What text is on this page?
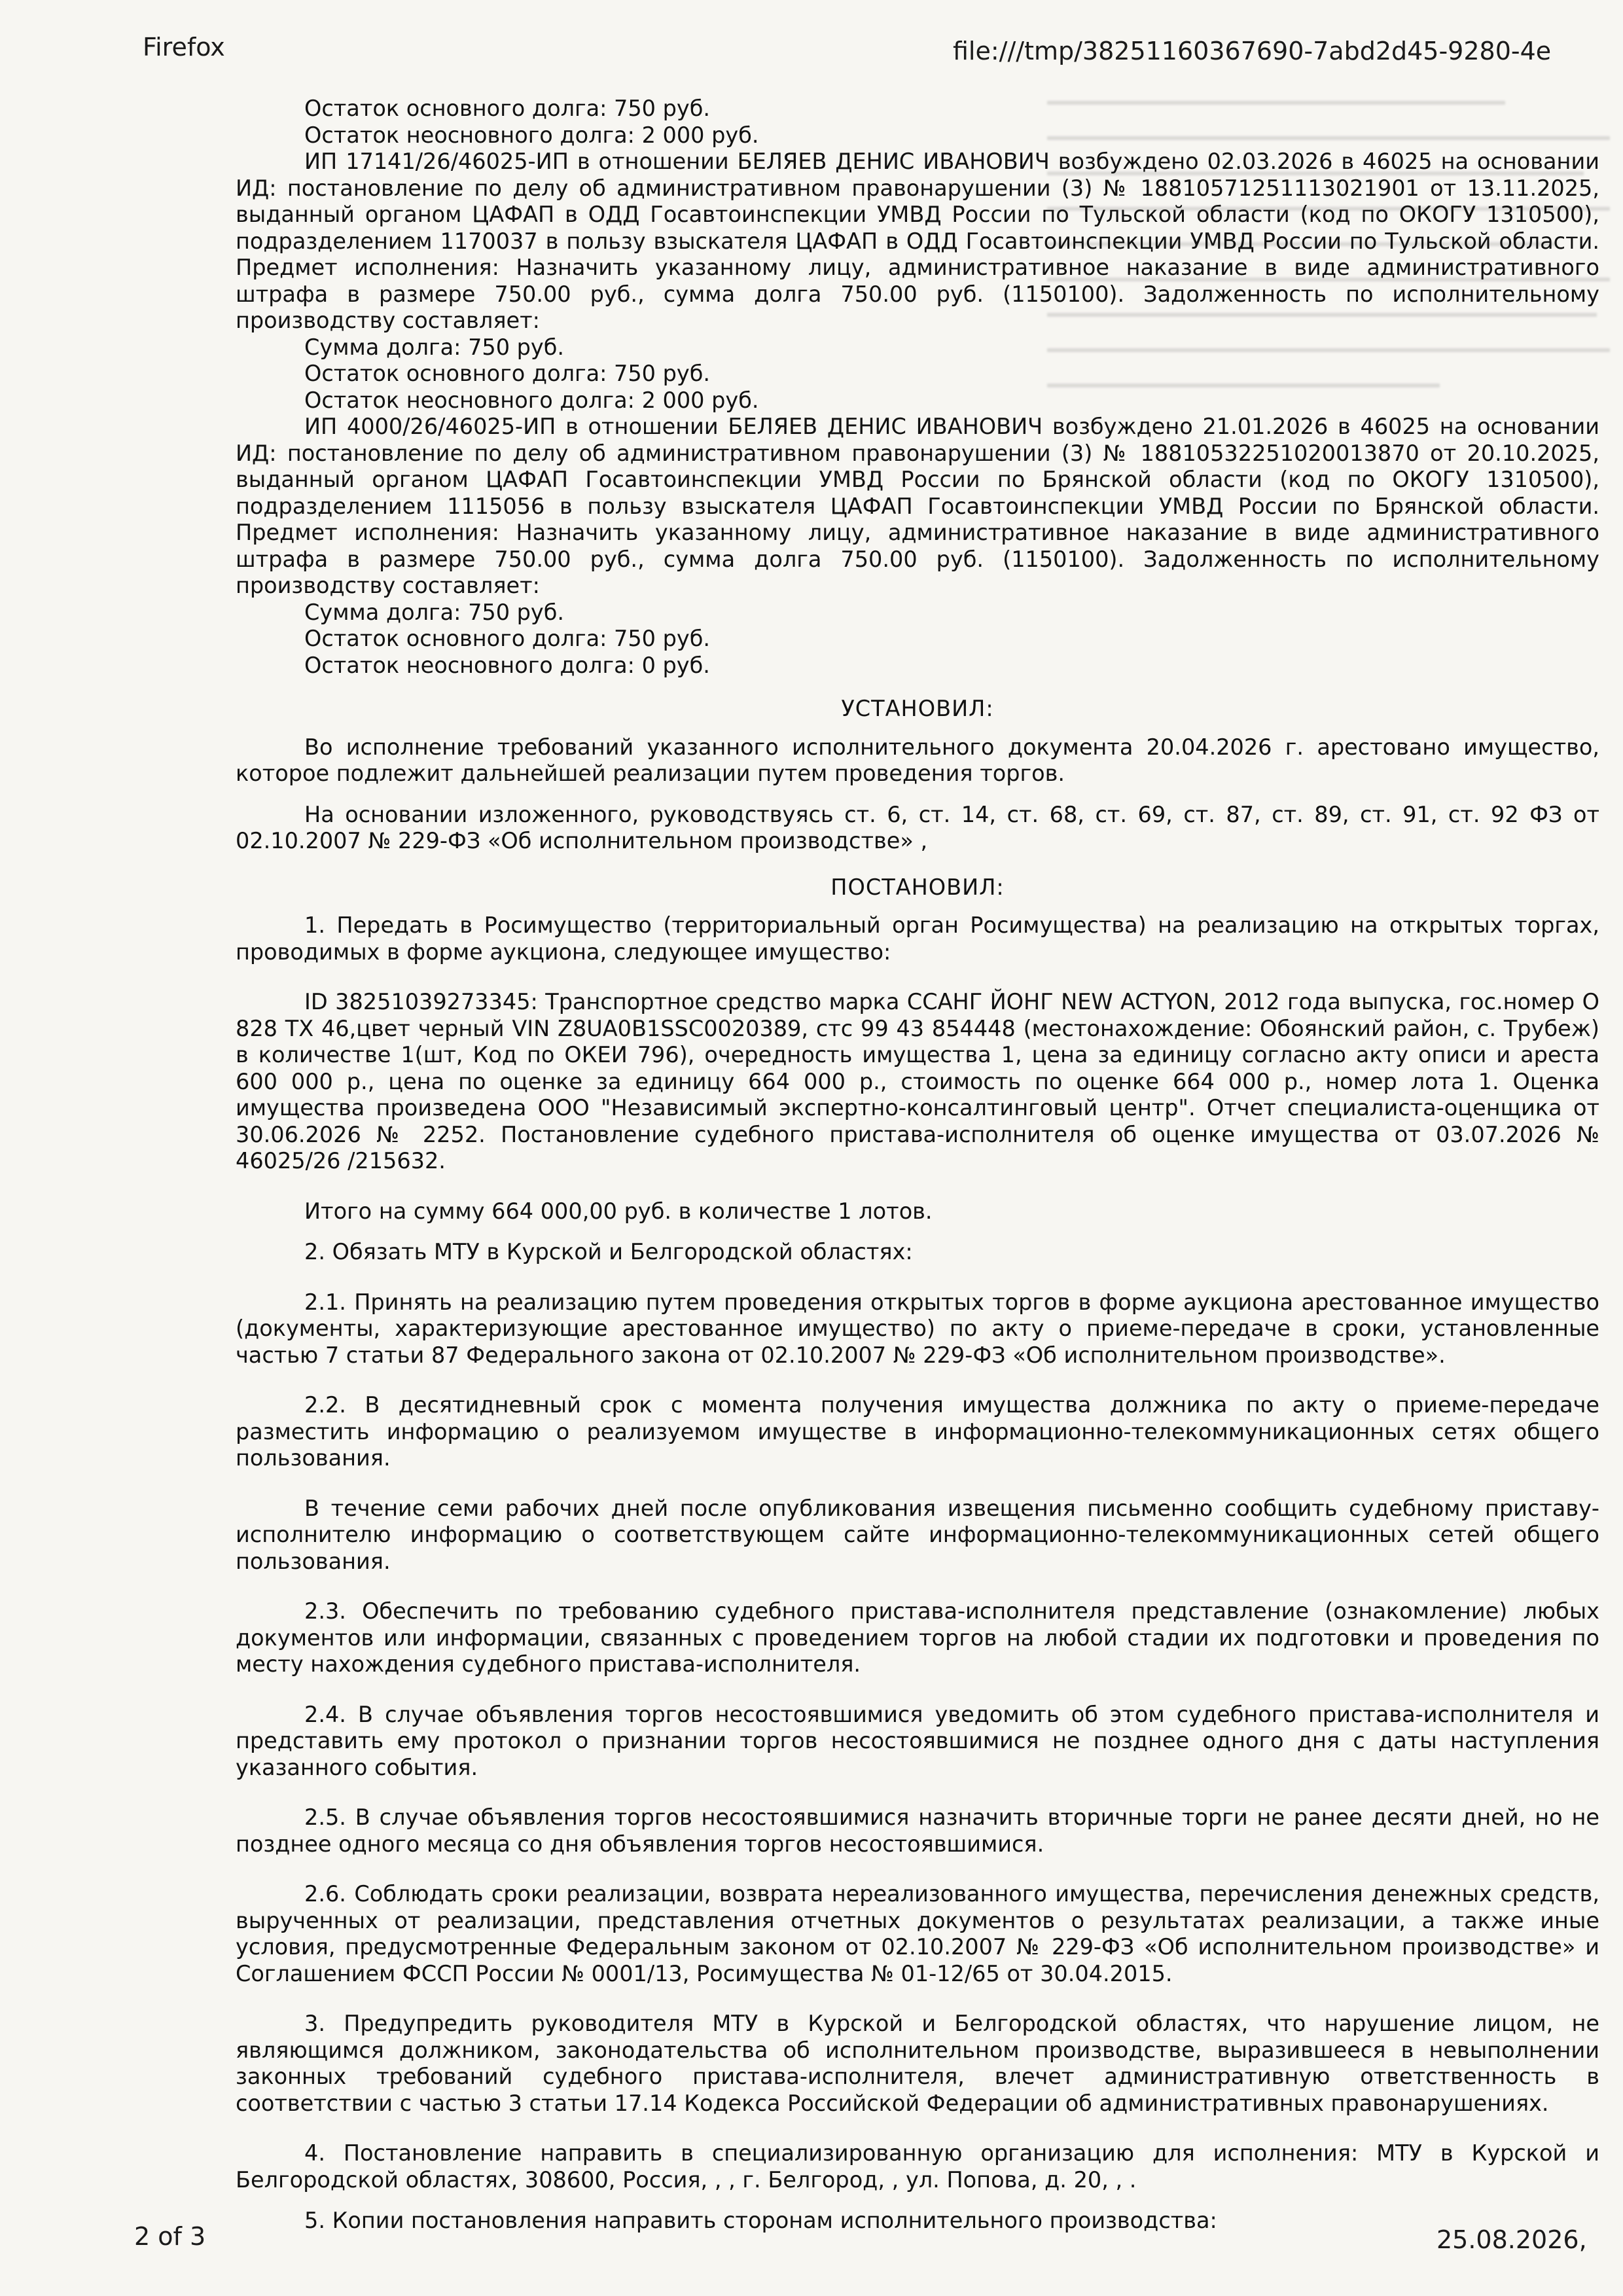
Firefox	file:///tmp/38251160367690-7abd2d45-9280-4e
Остаток основного долга: 750 руб.
Остаток неосновного долга: 2 000 руб.

ИП 17141/26/46025-ИП в отношении БЕЛЯЕВ ДЕНИС ИВАНОВИЧ возбуждено 02.03.2026 в 46025 на основании ИД: постановление по делу об административном правонарушении (3) № 18810571251113021901 от 13.11.2025, выданный органом ЦАФАП в ОДД Госавтоинспекции УМВД России по Тульской области (код по ОКОГУ 1310500), подразделением 1170037 в пользу взыскателя ЦАФАП в ОДД Госавтоинспекции УМВД России по Тульской области. Предмет исполнения: Назначить указанному лицу, административное наказание в виде административного штрафа в размере 750.00 руб., сумма долга 750.00 руб. (1150100). Задолженность по исполнительному производству составляет:

Сумма долга: 750 руб.
Остаток основного долга: 750 руб.
Остаток неосновного долга: 2 000 руб.

ИП 4000/26/46025-ИП в отношении БЕЛЯЕВ ДЕНИС ИВАНОВИЧ возбуждено 21.01.2026 в 46025 на основании ИД: постановление по делу об административном правонарушении (3) № 18810532251020013870 от 20.10.2025, выданный органом ЦАФАП Госавтоинспекции УМВД России по Брянской области (код по ОКОГУ 1310500), подразделением 1115056 в пользу взыскателя ЦАФАП Госавтоинспекции УМВД России по Брянской области. Предмет исполнения: Назначить указанному лицу, административное наказание в виде административного штрафа в размере 750.00 руб., сумма долга 750.00 руб. (1150100). Задолженность по исполнительному производству составляет:

Сумма долга: 750 руб.
Остаток основного долга: 750 руб.
Остаток неосновного долга: 0 руб.
УСТАНОВИЛ:

Во исполнение требований указанного исполнительного документа 20.04.2026 г. арестовано имущество, которое подлежит дальнейшей реализации путем проведения торгов.

На основании изложенного, руководствуясь ст. 6, ст. 14, ст. 68, ст. 69, ст. 87, ст. 89, ст. 91, ст. 92 ФЗ от 02.10.2007 № 229-ФЗ «Об исполнительном производстве» ,

ПОСТАНОВИЛ:

1. Передать в Росимущество (территориальный орган Росимущества) на реализацию на открытых торгах, проводимых в форме аукциона, следующее имущество:

ID 38251039273345: Транспортное средство марка ССАНГ ЙОНГ NEW ACTYON, 2012 года выпуска, гос.номер О 828 ТХ 46,цвет черный VIN Z8UA0B1SSC0020389, стс 99 43 854448 (местонахождение: Обоянский район, с. Трубеж) в количестве 1(шт, Код по ОКЕИ 796), очередность имущества 1, цена за единицу согласно акту описи и ареста 600 000 р., цена по оценке за единицу 664 000 р., стоимость по оценке 664 000 р., номер лота 1. Оценка имущества произведена ООО "Независимый экспертно-консалтинговый центр". Отчет специалиста-оценщика от 30.06.2026 № 2252. Постановление судебного пристава-исполнителя об оценке имущества от 03.07.2026 № 46025/26 /215632.

Итого на сумму 664 000,00 руб. в количестве 1 лотов.

2. Обязать МТУ в Курской и Белгородской областях:

2.1. Принять на реализацию путем проведения открытых торгов в форме аукциона арестованное имущество (документы, характеризующие арестованное имущество) по акту о приеме-передаче в сроки, установленные частью 7 статьи 87 Федерального закона от 02.10.2007 № 229-ФЗ «Об исполнительном производстве».

2.2. В десятидневный срок с момента получения имущества должника по акту о приеме-передаче разместить информацию о реализуемом имуществе в информационно-телекоммуникационных сетях общего пользования.

В течение семи рабочих дней после опубликования извещения письменно сообщить судебному приставу-исполнителю информацию о соответствующем сайте информационно-телекоммуникационных сетей общего пользования.

2.3. Обеспечить по требованию судебного пристава-исполнителя представление (ознакомление) любых документов или информации, связанных с проведением торгов на любой стадии их подготовки и проведения по месту нахождения судебного пристава-исполнителя.

2.4. В случае объявления торгов несостоявшимися уведомить об этом судебного пристава-исполнителя и представить ему протокол о признании торгов несостоявшимися не позднее одного дня с даты наступления указанного события.

2.5. В случае объявления торгов несостоявшимися назначить вторичные торги не ранее десяти дней, но не позднее одного месяца со дня объявления торгов несостоявшимися.

2.6. Соблюдать сроки реализации, возврата нереализованного имущества, перечисления денежных средств, вырученных от реализации, представления отчетных документов о результатах реализации, а также иные условия, предусмотренные Федеральным законом от 02.10.2007 № 229-ФЗ «Об исполнительном производстве» и Соглашением ФССП России № 0001/13, Росимущества № 01-12/65 от 30.04.2015.

3. Предупредить руководителя МТУ в Курской и Белгородской областях, что нарушение лицом, не являющимся должником, законодательства об исполнительном производстве, выразившееся в невыполнении законных требований судебного пристава-исполнителя, влечет административную ответственность в соответствии с частью 3 статьи 17.14 Кодекса Российской Федерации об административных правонарушениях.

4. Постановление направить в специализированную организацию для исполнения: МТУ в Курской и Белгородской областях, 308600, Россия, , , г. Белгород, , ул. Попова, д. 20, , .

5. Копии постановления направить сторонам исполнительного производства:

2 of 3	25.08.2026,
